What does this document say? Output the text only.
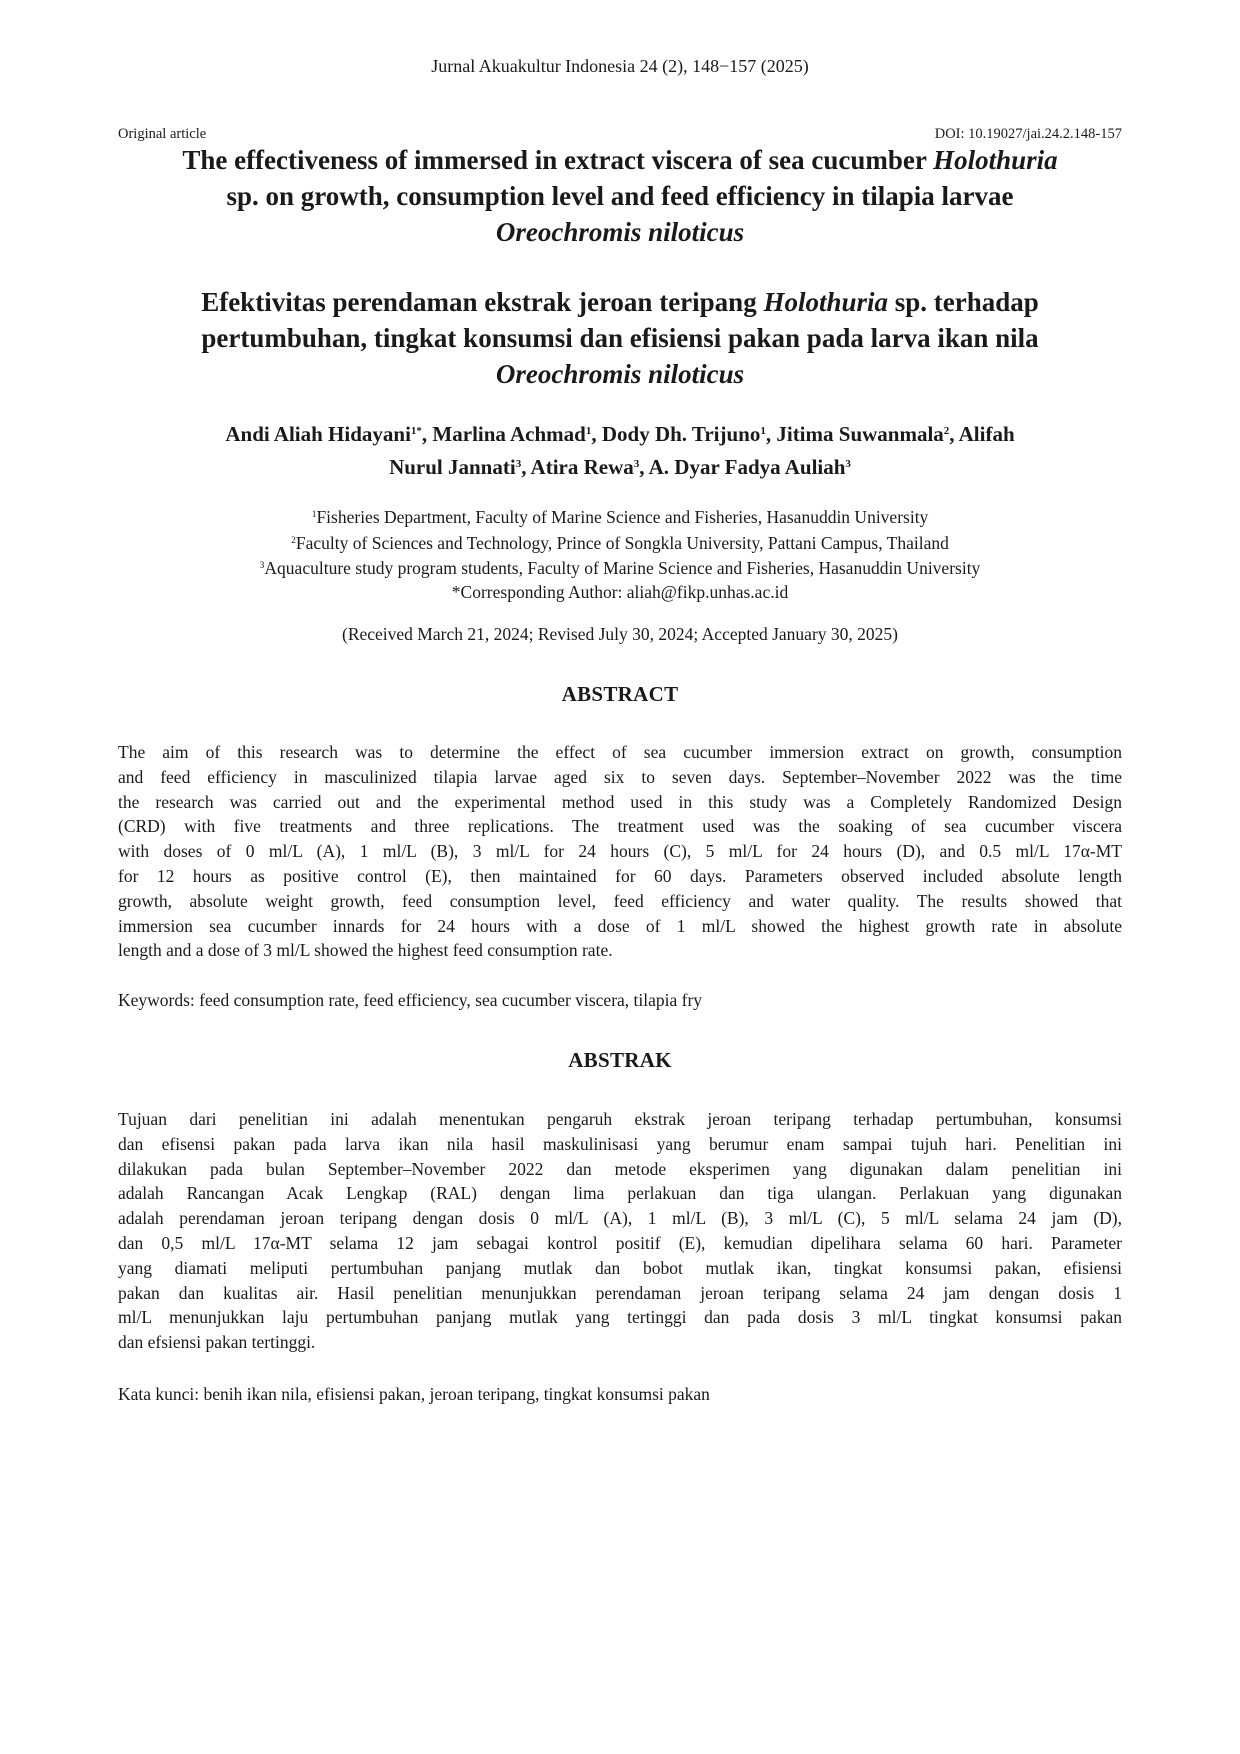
Jurnal Akuakultur Indonesia 24 (2), 148−157 (2025)
Original article	DOI: 10.19027/jai.24.2.148-157
The effectiveness of immersed in extract viscera of sea cucumber Holothuria
sp. on growth, consumption level and feed efficiency in tilapia larvae
Oreochromis niloticus
Efektivitas perendaman ekstrak jeroan teripang Holothuria sp. terhadap
pertumbuhan, tingkat konsumsi dan efisiensi pakan pada larva ikan nila
Oreochromis niloticus
Andi Aliah Hidayani$^{1*}$, Marlina Achmad$^1$, Dody Dh. Trijuno$^1$, Jitima Suwanmala$^2$, Alifah
Nurul Jannati$^3$, Atira Rewa$^3$, A. Dyar Fadya Auliah$^3$
$^1$Fisheries Department, Faculty of Marine Science and Fisheries, Hasanuddin University
$^2$Faculty of Sciences and Technology, Prince of Songkla University, Pattani Campus, Thailand
$^3$Aquaculture study program students, Faculty of Marine Science and Fisheries, Hasanuddin University
*Corresponding Author: aliah@fikp.unhas.ac.id
(Received March 21, 2024; Revised July 30, 2024; Accepted January 30, 2025)
ABSTRACT
The aim of this research was to determine the effect of sea cucumber immersion extract on growth, consumption
and feed efficiency in masculinized tilapia larvae aged six to seven days. September–November 2022 was the time
the research was carried out and the experimental method used in this study was a Completely Randomized Design
(CRD) with five treatments and three replications. The treatment used was the soaking of sea cucumber viscera
with doses of 0 ml/L (A), 1 ml/L (B), 3 ml/L for 24 hours (C), 5 ml/L for 24 hours (D), and 0.5 ml/L 17α-MT
for 12 hours as positive control (E), then maintained for 60 days. Parameters observed included absolute length
growth, absolute weight growth, feed consumption level, feed efficiency and water quality. The results showed that
immersion sea cucumber innards for 24 hours with a dose of 1 ml/L showed the highest growth rate in absolute
length and a dose of 3 ml/L showed the highest feed consumption rate.
Keywords: feed consumption rate, feed efficiency, sea cucumber viscera, tilapia fry
ABSTRAK
Tujuan dari penelitian ini adalah menentukan pengaruh ekstrak jeroan teripang terhadap pertumbuhan, konsumsi
dan efisensi pakan pada larva ikan nila hasil maskulinisasi yang berumur enam sampai tujuh hari. Penelitian ini
dilakukan pada bulan September–November 2022 dan metode eksperimen yang digunakan dalam penelitian ini
adalah Rancangan Acak Lengkap (RAL) dengan lima perlakuan dan tiga ulangan. Perlakuan yang digunakan
adalah perendaman jeroan teripang dengan dosis 0 ml/L (A), 1 ml/L (B), 3 ml/L (C), 5 ml/L selama 24 jam (D),
dan 0,5 ml/L 17α-MT selama 12 jam sebagai kontrol positif (E), kemudian dipelihara selama 60 hari. Parameter
yang diamati meliputi pertumbuhan panjang mutlak dan bobot mutlak ikan, tingkat konsumsi pakan, efisiensi
pakan dan kualitas air. Hasil penelitian menunjukkan perendaman jeroan teripang selama 24 jam dengan dosis 1
ml/L menunjukkan laju pertumbuhan panjang mutlak yang tertinggi dan pada dosis 3 ml/L tingkat konsumsi pakan
dan efsiensi pakan tertinggi.
Kata kunci: benih ikan nila, efisiensi pakan, jeroan teripang, tingkat konsumsi pakan
